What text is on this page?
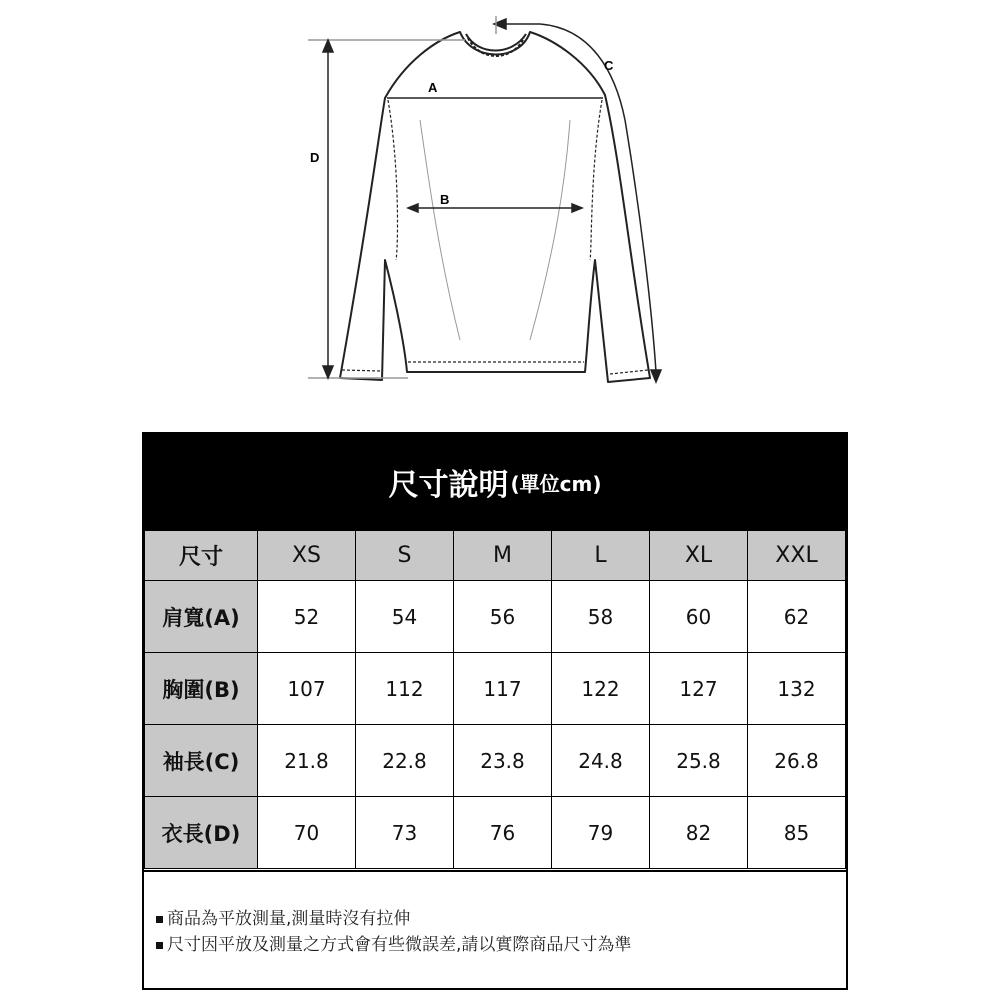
A
B
C
D
尺寸說明 (單位cm)
尺寸	XS	S	M	L	XL	XXL
肩寬(A)	52	54	56	58	60	62
胸圍(B)	107	112	117	122	127	132
袖長(C)	21.8	22.8	23.8	24.8	25.8	26.8
衣長(D)	70	73	76	79	82	85
商品為平放測量,測量時沒有拉伸
尺寸因平放及測量之方式會有些微誤差,請以實際商品尺寸為準
